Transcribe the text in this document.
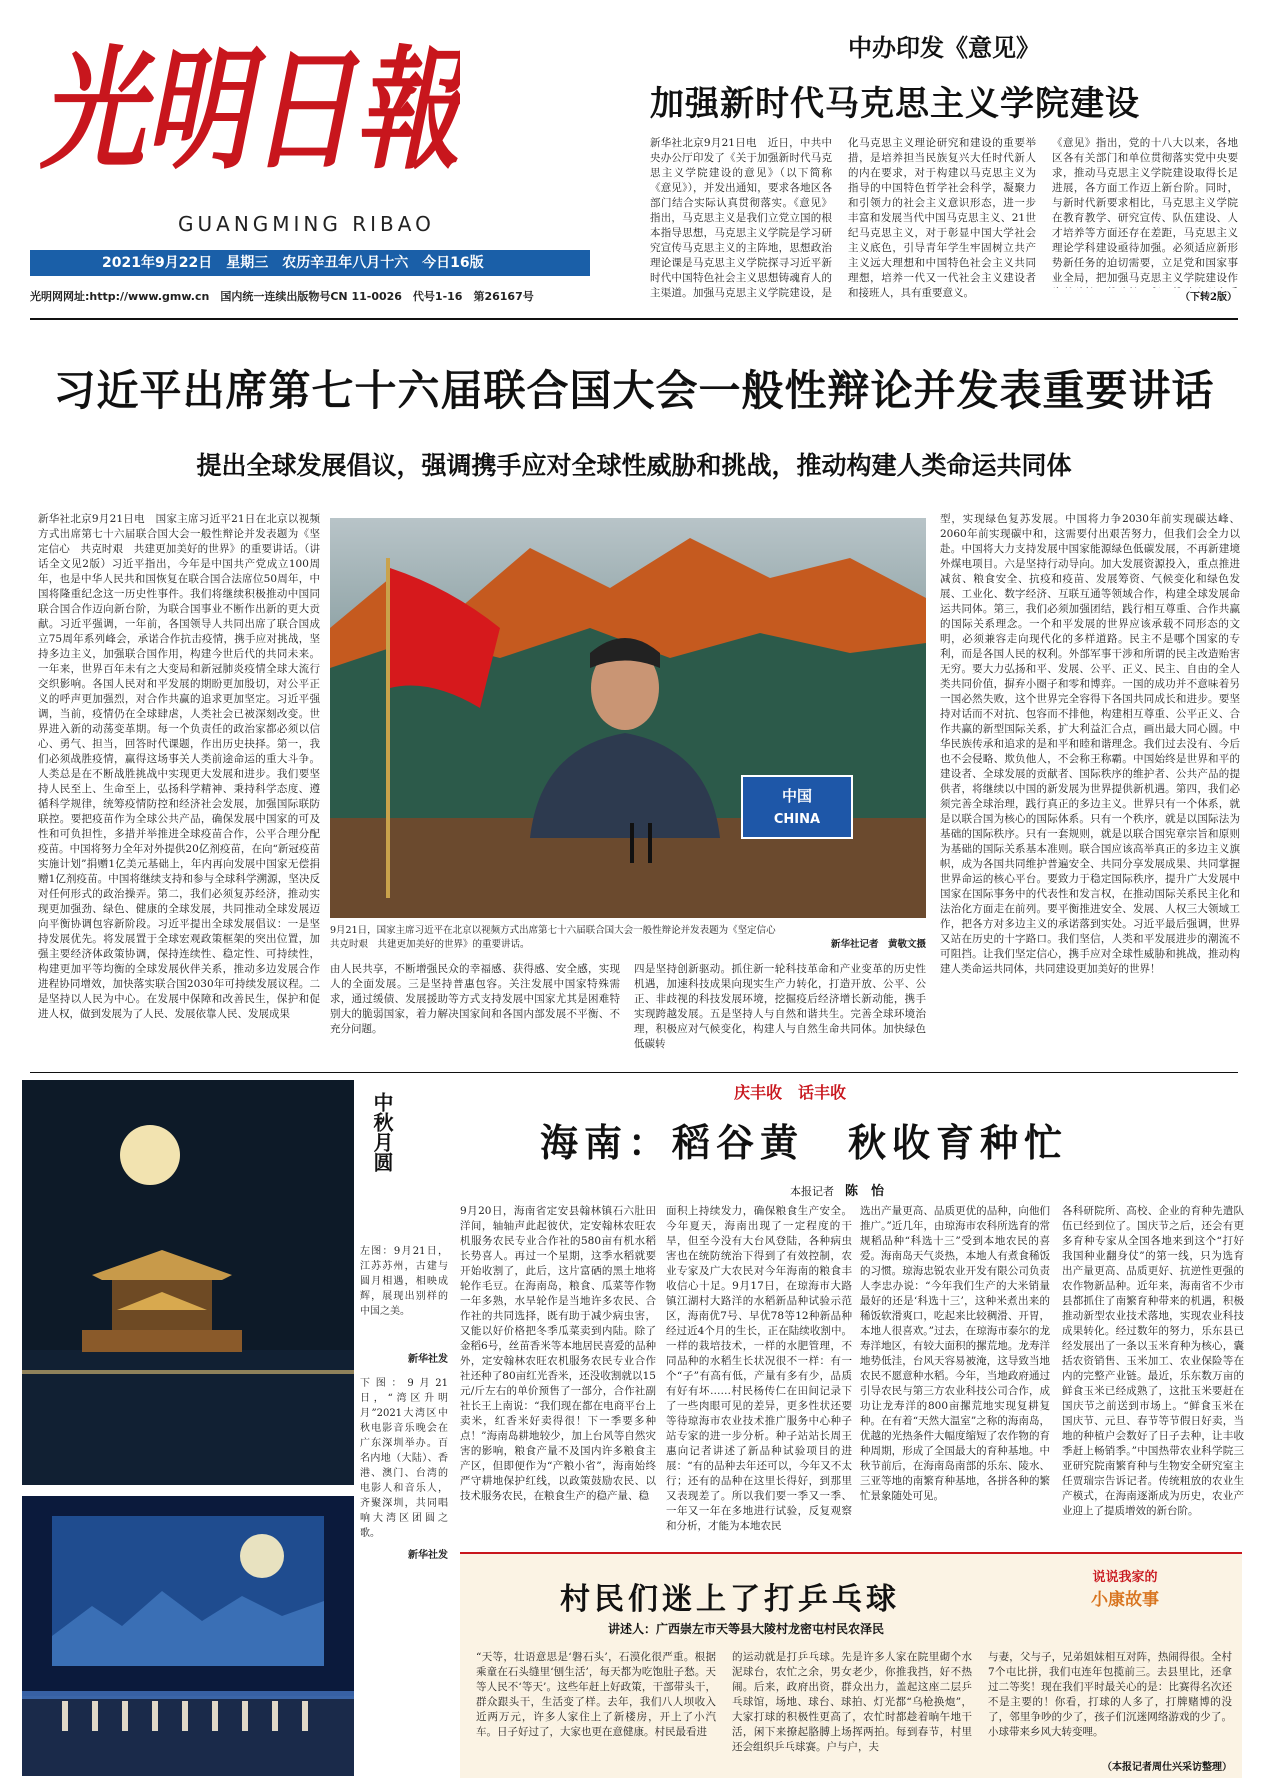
光明日報
GUANGMING RIBAO
2021年9月22日　星期三　农历辛丑年八月十六　今日16版
光明网网址:http://www.gmw.cn　国内统一连续出版物号CN 11-0026　代号1-16　第26167号
中办印发《意见》
加强新时代马克思主义学院建设
新华社北京9月21日电　近日，中共中央办公厅印发了《关于加强新时代马克思主义学院建设的意见》（以下简称《意见》），并发出通知，要求各地区各部门结合实际认真贯彻落实。《意见》指出，马克思主义是我们立党立国的根本指导思想，马克思主义学院是学习研究宣传马克思主义的主阵地，思想政治理论课是马克思主义学院探寻习近平新时代中国特色社会主义思想铸魂育人的主渠道。加强马克思主义学院建设，是
化马克思主义理论研究和建设的重要举措，是培养担当民族复兴大任时代新人的内在要求，对于构建以马克思主义为指导的中国特色哲学社会科学，凝聚力和引领力的社会主义意识形态，进一步丰富和发展当代中国马克思主义、21世纪马克思主义，对于彰显中国大学社会主义底色，引导青年学生牢固树立共产主义远大理想和中国特色社会主义共同理想，培养一代又一代社会主义建设者和接班人，具有重要意义。
《意见》指出，党的十八大以来，各地区各有关部门和单位贯彻落实党中央要求，推动马克思主义学院建设取得长足进展，各方面工作迈上新台阶。同时，与新时代新要求相比，马克思主义学院在教育教学、研究宣传、队伍建设、人才培养等方面还存在差距，马克思主义理论学科建设亟待加强。必须适应新形势新任务的迫切需要，立足党和国家事业全局，把加强马克思主义学院建设作
（下转2版）
习近平出席第七十六届联合国大会一般性辩论并发表重要讲话
提出全球发展倡议，强调携手应对全球性威胁和挑战，推动构建人类命运共同体
新华社北京9月21日电　国家主席习近平21日在北京以视频方式出席第七十六届联合国大会一般性辩论并发表题为《坚定信心　共克时艰　共建更加美好的世界》的重要讲话。（讲话全文见2版）习近平指出，今年是中国共产党成立100周年，也是中华人民共和国恢复在联合国合法席位50周年，中国将隆重纪念这一历史性事件。我们将继续积极推动中国同联合国合作迈向新台阶，为联合国事业不断作出新的更大贡献。习近平强调，一年前，各国领导人共同出席了联合国成立75周年系列峰会，承诺合作抗击疫情，携手应对挑战，坚持多边主义，加强联合国作用，构建今世后代的共同未来。一年来，世界百年未有之大变局和新冠肺炎疫情全球大流行交织影响。各国人民对和平发展的期盼更加殷切，对公平正义的呼声更加强烈，对合作共赢的追求更加坚定。习近平强调，当前，疫情仍在全球肆虐，人类社会已被深刻改变。世界进入新的动荡变革期。每一个负责任的政治家都必须以信心、勇气、担当，回答时代课题，作出历史抉择。第一，我们必须战胜疫情，赢得这场事关人类前途命运的重大斗争。人类总是在不断战胜挑战中实现更大发展和进步。我们要坚持人民至上、生命至上，弘扬科学精神、秉持科学态度、遵循科学规律，统筹疫情防控和经济社会发展，加强国际联防联控。要把疫苗作为全球公共产品，确保发展中国家的可及性和可负担性，多措并举推进全球疫苗合作，公平合理分配疫苗。中国将努力全年对外提供20亿剂疫苗，在向“新冠疫苗实施计划”捐赠1亿美元基础上，年内再向发展中国家无偿捐赠1亿剂疫苗。中国将继续支持和参与全球科学溯源，坚决反对任何形式的政治操弄。第二，我们必须复苏经济，推动实现更加强劲、绿色、健康的全球发展，共同推动全球发展迈向平衡协调包容新阶段。习近平提出全球发展倡议：一是坚持发展优先。将发展置于全球宏观政策框架的突出位置，加强主要经济体政策协调，保持连续性、稳定性、可持续性，构建更加平等均衡的全球发展伙伴关系，推动多边发展合作进程协同增效，加快落实联合国2030年可持续发展议程。二是坚持以人民为中心。在发展中保障和改善民生，保护和促进人权，做到发展为了人民、发展依靠人民、发展成果
中国
CHINA
9月21日，国家主席习近平在北京以视频方式出席第七十六届联合国大会一般性辩论并发表题为《坚定信心　共克时艰　共建更加美好的世界》的重要讲话。	新华社记者　黄敬文摄
由人民共享，不断增强民众的幸福感、获得感、安全感，实现人的全面发展。三是坚持普惠包容。关注发展中国家特殊需求，通过缓债、发展援助等方式支持发展中国家尤其是困难特别大的脆弱国家，着力解决国家间和各国内部发展不平衡、不充分问题。
四是坚持创新驱动。抓住新一轮科技革命和产业变革的历史性机遇，加速科技成果向现实生产力转化，打造开放、公平、公正、非歧视的科技发展环境，挖掘疫后经济增长新动能，携手实现跨越发展。五是坚持人与自然和谐共生。完善全球环境治理，积极应对气候变化，构建人与自然生命共同体。加快绿色低碳转
型，实现绿色复苏发展。中国将力争2030年前实现碳达峰、2060年前实现碳中和，这需要付出艰苦努力，但我们会全力以赴。中国将大力支持发展中国家能源绿色低碳发展，不再新建境外煤电项目。六是坚持行动导向。加大发展资源投入，重点推进减贫、粮食安全、抗疫和疫苗、发展筹资、气候变化和绿色发展、工业化、数字经济、互联互通等领域合作，构建全球发展命运共同体。第三，我们必须加强团结，践行相互尊重、合作共赢的国际关系理念。一个和平发展的世界应该承载不同形态的文明，必须兼容走向现代化的多样道路。民主不是哪个国家的专利，而是各国人民的权利。外部军事干涉和所谓的民主改造贻害无穷。要大力弘扬和平、发展、公平、正义、民主、自由的全人类共同价值，摒弃小圈子和零和博弈。一国的成功并不意味着另一国必然失败，这个世界完全容得下各国共同成长和进步。要坚持对话而不对抗、包容而不排他，构建相互尊重、公平正义、合作共赢的新型国际关系，扩大利益汇合点，画出最大同心圆。中华民族传承和追求的是和平和睦和谐理念。我们过去没有、今后也不会侵略、欺负他人，不会称王称霸。中国始终是世界和平的建设者、全球发展的贡献者、国际秩序的维护者、公共产品的提供者，将继续以中国的新发展为世界提供新机遇。第四，我们必须完善全球治理，践行真正的多边主义。世界只有一个体系，就是以联合国为核心的国际体系。只有一个秩序，就是以国际法为基础的国际秩序。只有一套规则，就是以联合国宪章宗旨和原则为基础的国际关系基本准则。联合国应该高举真正的多边主义旗帜，成为各国共同维护普遍安全、共同分享发展成果、共同掌握世界命运的核心平台。要致力于稳定国际秩序，提升广大发展中国家在国际事务中的代表性和发言权，在推动国际关系民主化和法治化方面走在前列。要平衡推进安全、发展、人权三大领域工作，把各方对多边主义的承诺落到实处。习近平最后强调，世界又站在历史的十字路口。我们坚信，人类和平发展进步的潮流不可阻挡。让我们坚定信心，携手应对全球性威胁和挑战，推动构建人类命运共同体，共同建设更加美好的世界！
中秋月圆
左图：9月21日，江苏苏州，古建与圆月相遇，相映成辉，展现出别样的中国之美。
新华社发
下图：9月21日，“湾区升明月”2021大湾区中秋电影音乐晚会在广东深圳举办。百名内地（大陆）、香港、澳门、台湾的电影人和音乐人，齐聚深圳，共同唱响大湾区团圆之歌。
新华社发
庆丰收　 话丰收
海南：稻谷黄　秋收育种忙
本报记者　 陈　怡
9月20日，海南省定安县翰林镇石六肚田洋间，轴轴声此起彼伏，定安翰林农旺农机服务农民专业合作社的580亩有机水稻长势喜人。再过一个星期，这季水稻就要开始收割了，此后，这片富硒的黑土地将轮作毛豆。在海南岛，粮食、瓜菜等作物一年多熟，水旱轮作是当地许多农民、合作社的共同选择，既有助于减少病虫害，又能以好价格把冬季瓜菜卖到内陆。除了金稻6号，丝苗香米等本地居民喜爱的品种外，定安翰林农旺农机服务农民专业合作社还种了80亩红光香米，还没收割就以15元/斤左右的单价预售了一部分，合作社副社长王上南说：“我们现在都在电商平台上卖米，红香米好卖得很！下一季要多种点！”海南岛耕地较少，加上台风等自然灾害的影响，粮食产量不及国内许多粮食主产区，但即便作为“产粮小省”，海南始终严守耕地保护红线，以政策鼓励农民、以技术服务农民，在粮食生产的稳产量、稳
面积上持续发力，确保粮食生产安全。今年夏天，海南出现了一定程度的干旱，但至今没有大台风登陆，各种病虫害也在统防统治下得到了有效控制，农业专家及广大农民对今年海南的粮食丰收信心十足。9月17日，在琼海市大路镇江湖村大路洋的水稻新品种试验示范区，海南优7号、早优78等12种新品种经过近4个月的生长，正在陆续收割中。一样的栽培技术，一样的水肥管理，不同品种的水稻生长状况很不一样：有一个“子”有高有低，产量有多有少，品质有好有坏……村民杨传仁在田间记录下了一些肉眼可见的差异，更多性状还要等待琼海市农业技术推广服务中心种子站专家的进一步分析。种子站站长周王惠向记者讲述了新品种试验项目的进展：“有的品种去年还可以，今年又不太行；还有的品种在这里长得好，到那里又表现差了。所以我们要一季又一季、一年又一年在多地进行试验，反复观察和分析，才能为本地农民
选出产量更高、品质更优的品种，向他们推广。”近几年，由琼海市农科所选育的常规稻品种“科选十三”受到本地农民的喜爱。海南岛天气炎热，本地人有煮食稀饭的习惯。琼海忠锐农业开发有限公司负责人李忠办说：“今年我们生产的大米销量最好的还是‘科选十三’，这种米煮出来的稀饭软滑爽口，吃起来比较稠滑、开胃，本地人很喜欢。”过去，在琼海市泰尔的龙寿洋地区，有较大面积的摞荒地。龙寿洋地势低洼，台风天容易被淹，这导致当地农民不愿意种水稻。今年，当地政府通过引导农民与第三方农业科技公司合作，成功让龙寿洋的800亩摞荒地实现复耕复种。在有着“天然大温室”之称的海南岛，优越的光热条件大幅度缩短了农作物的育种周期，形成了全国最大的育种基地。中秋节前后，在海南岛南部的乐东、陵水、三亚等地的南繁育种基地，各拼各种的繁忙景象随处可见。
各科研院所、高校、企业的育种先遣队伍已经到位了。国庆节之后，还会有更多育种专家从全国各地来到这个“打好我国种业翻身仗”的第一线，只为选育出产量更高、品质更好、抗逆性更强的农作物新品种。近年来，海南省不少市县都抓住了南繁育种带来的机遇，积极推动新型农业技术落地，实现农业科技成果转化。经过数年的努力，乐东县已经发展出了一条以玉米育种为核心，囊括农资销售、玉米加工、农业保险等在内的完整产业链。最近，乐东数万亩的鲜食玉米已经成熟了，这批玉米要赶在国庆节之前送到市场上。“鲜食玉米在国庆节、元旦、春节等节假日好卖，当地的种植户会数好了日子去种，让丰收季赶上畅销季。”中国热带农业科学院三亚研究院南繁育种与生物安全研究室主任贾瑞宗告诉记者。传统粗放的农业生产模式，在海南逐渐成为历史，农业产业迎上了提质增效的新台阶。
村民们迷上了打乒乓球
讲述人：广西崇左市天等县大陵村龙密屯村民农泽民
说说我家的
小康故事
“天等，壮语意思是‘磐石头’，石漠化很严重。根据乘童在石头缝里‘刨生活’，每天都为吃饱肚子愁。天等人民不‘等天’。这些年赶上好政策，干部带头干，群众跟头干，生活变了样。去年，我们八人坝收入近两万元，许多人家住上了新楼房，开上了小汽车。日子好过了，大家也更在意健康。村民最看进
的运动就是打乒乓球。先是许多人家在院里砌个水泥球台，农忙之余，男女老少，你推我挡，好不热闹。后来，政府出资，群众出力，盖起这座二层乒乓球馆，场地、球台、球拍、灯光都“乌枪换炮”，大家打球的积极性更高了，农忙时都趁着晌午地干活，闲下来撩起胳膊上场挥两拍。每到春节，村里还会组织乒乓球赛。户与户，夫
与妻，父与子，兄弟姐妹相互对阵，热闹得很。全村7个屯比拼，我们屯连年包揽前三。去县里比，还拿过二等奖！现在我们平时最关心的是：比赛得名次还不是主要的！你看，打球的人多了，打牌赌博的没了，邻里争吵的少了，孩子们沉迷网络游戏的少了。小球带来乡风大转变哩。
（本报记者周仕兴采访整理）
